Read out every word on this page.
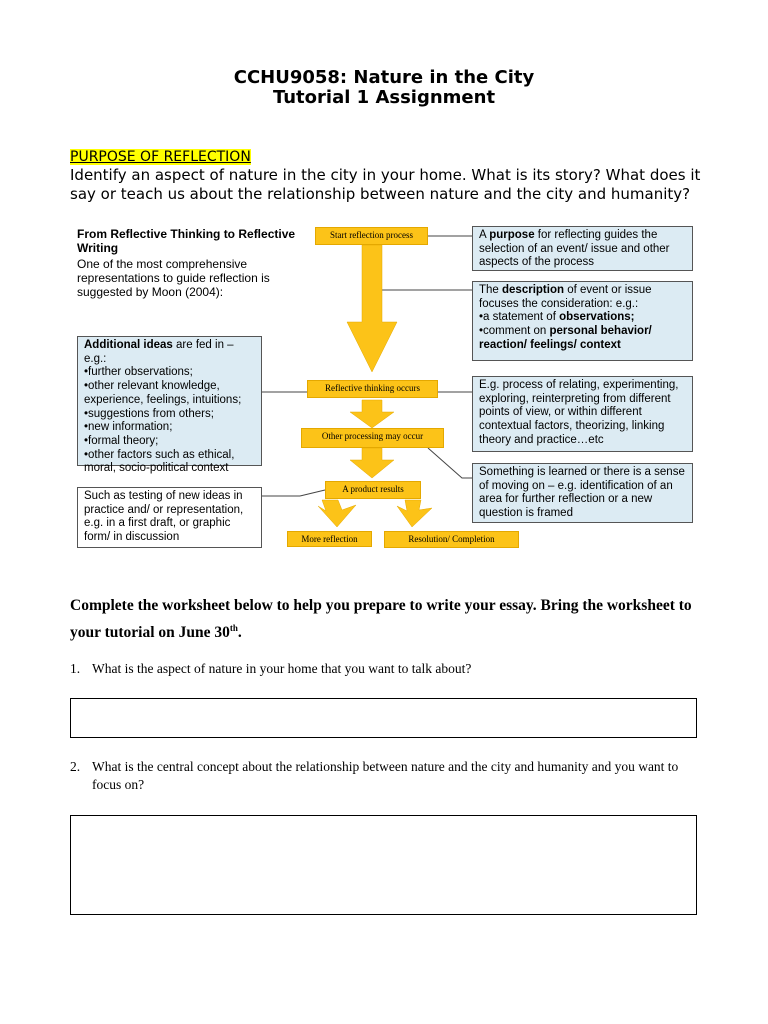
CCHU9058: Nature in the City
Tutorial 1 Assignment
PURPOSE OF REFLECTION
Identify an aspect of nature in the city in your home. What is its story? What does it say or teach us about the relationship between nature and the city and humanity?
From Reflective Thinking to Reflective Writing
One of the most comprehensive representations to guide reflection is suggested by Moon (2004):
Start reflection process
Reflective thinking occurs
Other processing may occur
A product results
More reflection	Resolution/ Completion
A purpose for reflecting guides the selection of an event/ issue and other aspects of the process
The description of event or issue focuses the consideration: e.g.:
•a statement of observations;
•comment on personal behavior/ reaction/ feelings/ context
E.g. process of relating, experimenting, exploring, reinterpreting from different points of view, or within different contextual factors, theorizing, linking theory and practice…etc
Something is learned or there is a sense of moving on – e.g. identification of an area for further reflection or a new question is framed
Additional ideas are fed in – e.g.:
•further observations;
•other relevant knowledge, experience, feelings, intuitions;
•suggestions from others;
•new information;
•formal theory;
•other factors such as ethical, moral, socio-political context
Such as testing of new ideas in practice and/ or representation, e.g. in a first draft, or graphic form/ in discussion
Complete the worksheet below to help you prepare to write your essay. Bring the worksheet to your tutorial on June 30th.
1. What is the aspect of nature in your home that you want to talk about?
2. What is the central concept about the relationship between nature and the city and humanity and you want to focus on?
